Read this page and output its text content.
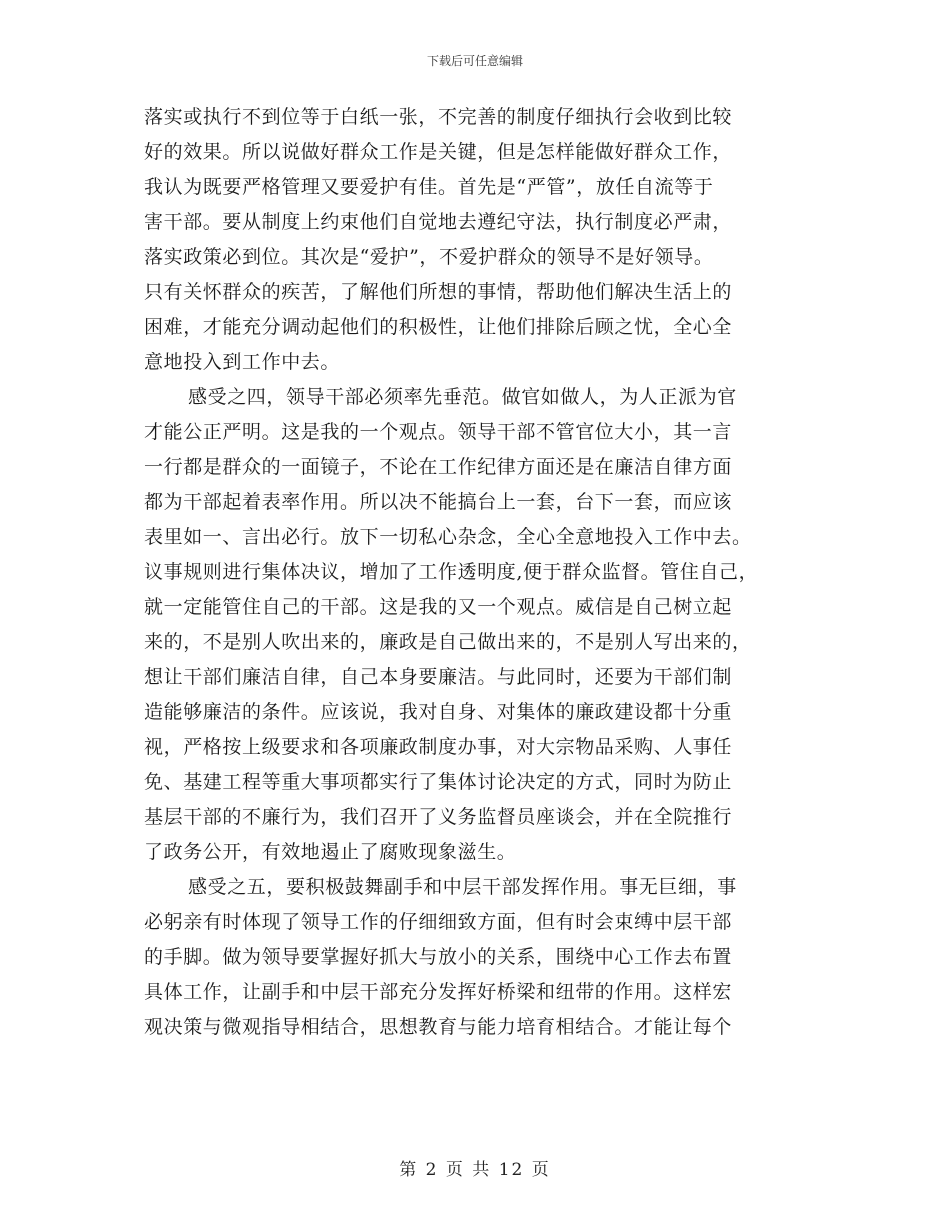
下载后可任意编辑
落实或执行不到位等于白纸一张，不完善的制度仔细执行会收到比较
好的效果。所以说做好群众工作是关键，但是怎样能做好群众工作，
我认为既要严格管理又要爱护有佳。首先是“严管”，放任自流等于
害干部。要从制度上约束他们自觉地去遵纪守法，执行制度必严肃，
落实政策必到位。其次是“爱护”，不爱护群众的领导不是好领导。
只有关怀群众的疾苦，了解他们所想的事情，帮助他们解决生活上的
困难，才能充分调动起他们的积极性，让他们排除后顾之忧，全心全
意地投入到工作中去。
感受之四，领导干部必须率先垂范。做官如做人，为人正派为官
才能公正严明。这是我的一个观点。领导干部不管官位大小，其一言
一行都是群众的一面镜子，不论在工作纪律方面还是在廉洁自律方面
都为干部起着表率作用。所以决不能搞台上一套，台下一套，而应该
表里如一、言出必行。放下一切私心杂念，全心全意地投入工作中去。
议事规则进行集体决议，增加了工作透明度,便于群众监督。管住自己，
就一定能管住自己的干部。这是我的又一个观点。威信是自己树立起
来的，不是别人吹出来的，廉政是自己做出来的，不是别人写出来的，
想让干部们廉洁自律，自己本身要廉洁。与此同时，还要为干部们制
造能够廉洁的条件。应该说，我对自身、对集体的廉政建设都十分重
视，严格按上级要求和各项廉政制度办事，对大宗物品采购、人事任
免、基建工程等重大事项都实行了集体讨论决定的方式，同时为防止
基层干部的不廉行为，我们召开了义务监督员座谈会，并在全院推行
了政务公开，有效地遏止了腐败现象滋生。
感受之五，要积极鼓舞副手和中层干部发挥作用。事无巨细，事
必躬亲有时体现了领导工作的仔细细致方面，但有时会束缚中层干部
的手脚。做为领导要掌握好抓大与放小的关系，围绕中心工作去布置
具体工作，让副手和中层干部充分发挥好桥梁和纽带的作用。这样宏
观决策与微观指导相结合，思想教育与能力培育相结合。才能让每个
第 2 页 共 12 页
